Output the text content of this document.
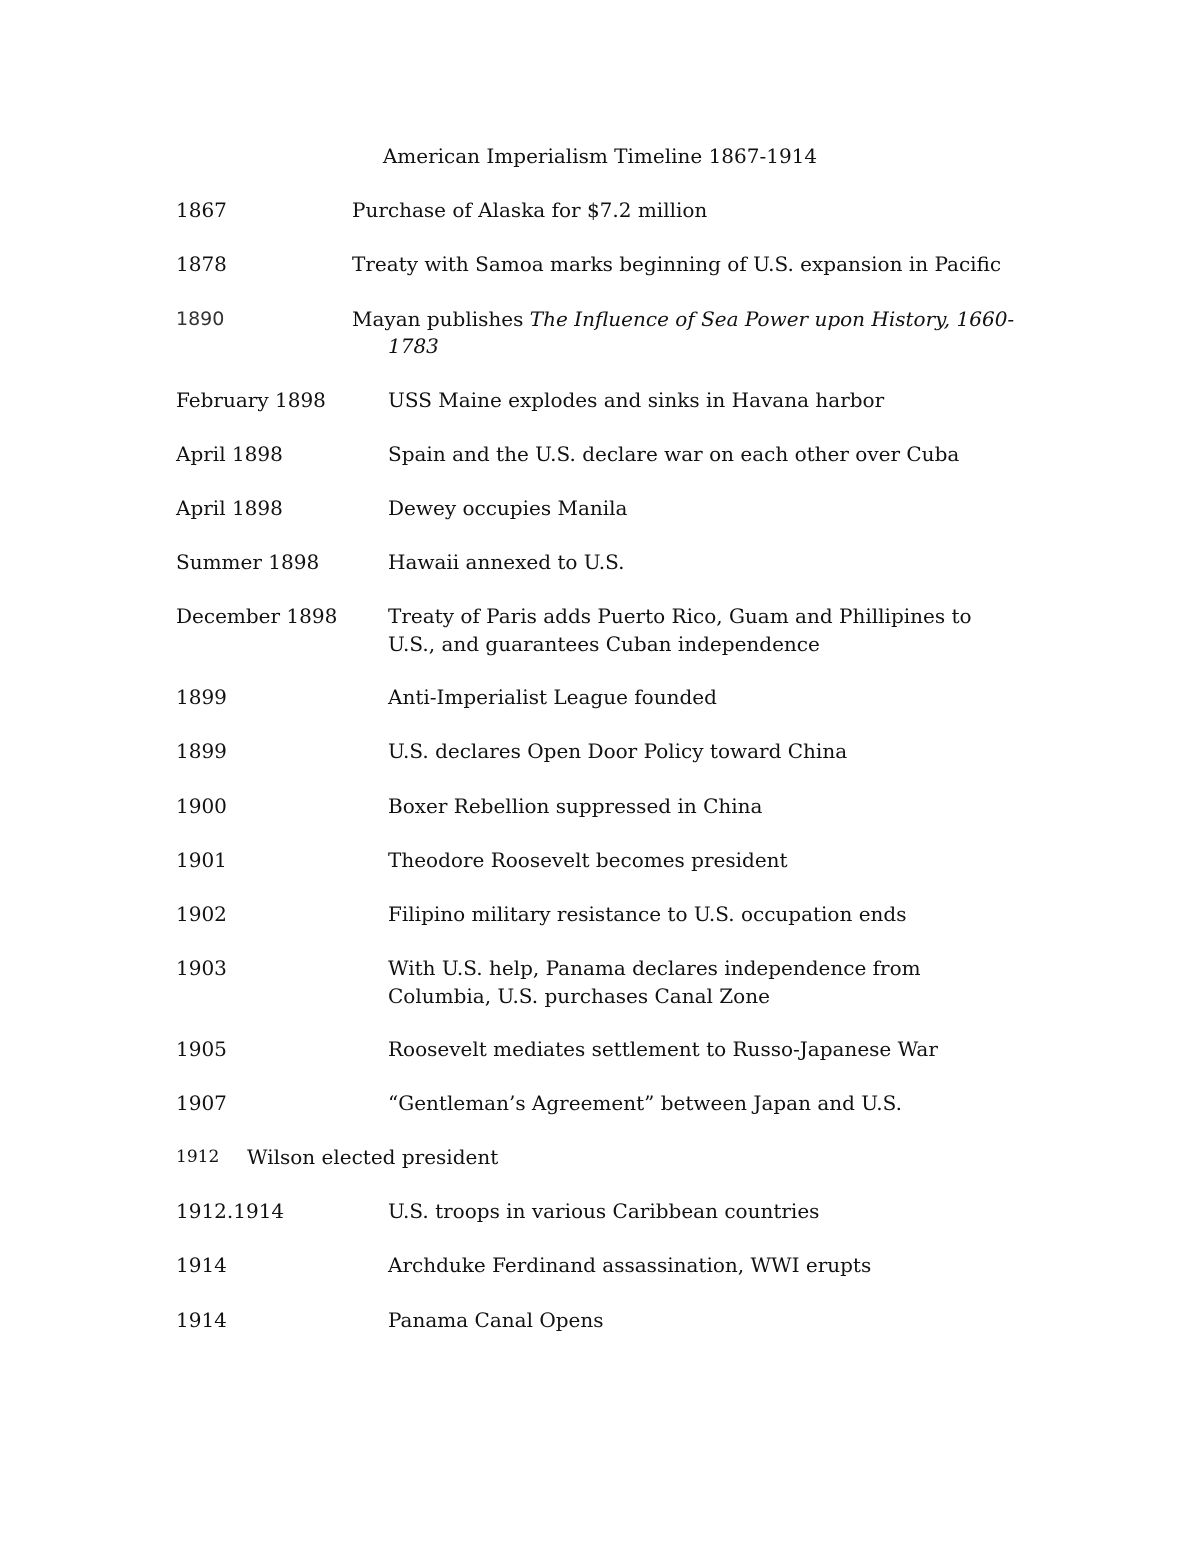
American Imperialism Timeline 1867-1914
1867	Purchase of Alaska for $7.2 million
1878	Treaty with Samoa marks beginning of U.S. expansion in Pacific
1890	Mayan publishes The Influence of Sea Power upon History, 1660-
1783
February 1898	USS Maine explodes and sinks in Havana harbor
April 1898	Spain and the U.S. declare war on each other over Cuba
April 1898	Dewey occupies Manila
Summer 1898	Hawaii annexed to U.S.
December 1898	Treaty of Paris adds Puerto Rico, Guam and Phillipines to
U.S., and guarantees Cuban independence
1899	Anti-Imperialist League founded
1899	U.S. declares Open Door Policy toward China
1900	Boxer Rebellion suppressed in China
1901	Theodore Roosevelt becomes president
1902	Filipino military resistance to U.S. occupation ends
1903	With U.S. help, Panama declares independence from
Columbia, U.S. purchases Canal Zone
1905	Roosevelt mediates settlement to Russo-Japanese War
1907	“Gentleman’s Agreement” between Japan and U.S.
1912 Wilson elected president
1912.1914	U.S. troops in various Caribbean countries
1914	Archduke Ferdinand assassination, WWI erupts
1914	Panama Canal Opens
